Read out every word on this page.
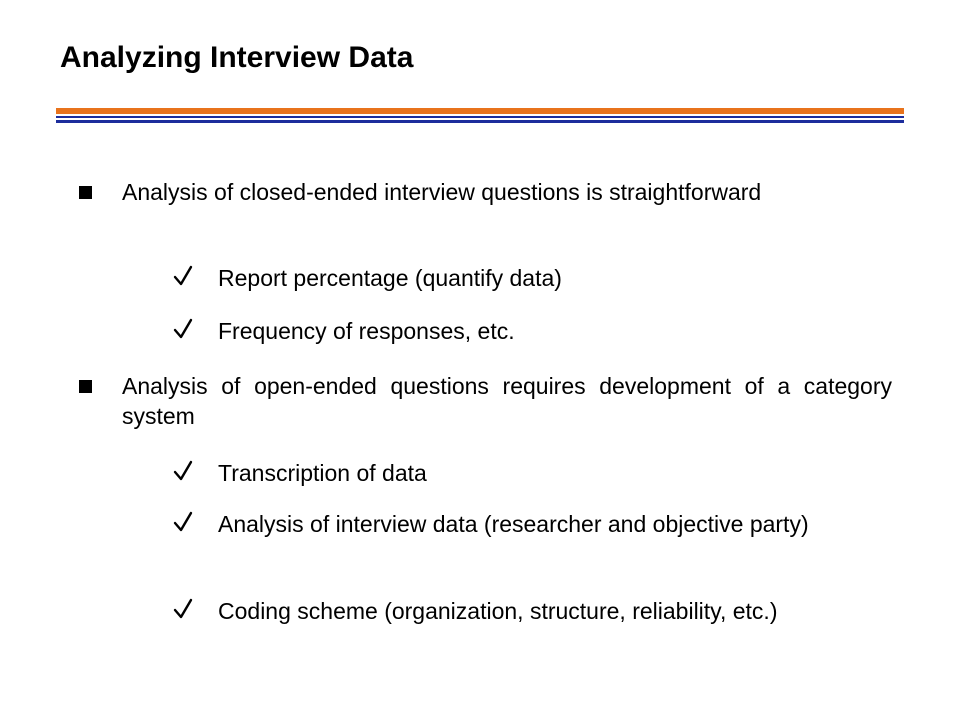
Analyzing Interview Data
Analysis of closed-ended interview questions is straightforward
Report percentage (quantify data)
Frequency of responses, etc.
Analysis of open-ended questions requires development of a category system
Transcription of data
Analysis of interview data (researcher and objective party)
Coding scheme (organization, structure, reliability, etc.)
